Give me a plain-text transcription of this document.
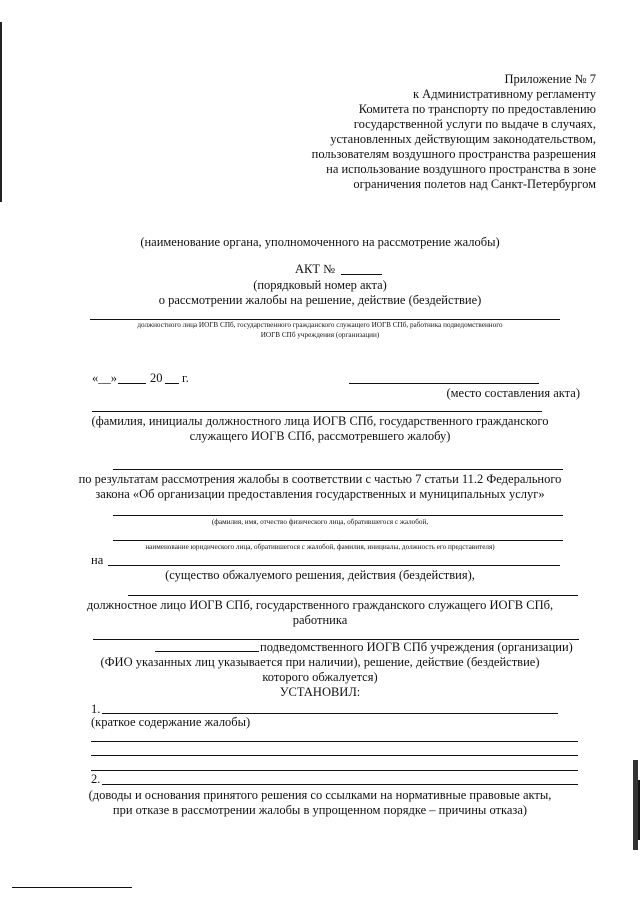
Приложение № 7
к Административному регламенту
Комитета по транспорту по предоставлению
государственной услуги по выдаче в случаях,
установленных действующим законодательством,
пользователям воздушного пространства разрешения
на использование воздушного пространства в зоне
ограничения полетов над Санкт-Петербургом
(наименование органа, уполномоченного на рассмотрение жалобы)
АКТ №
(порядковый номер акта)
о рассмотрении жалобы на решение, действие (бездействие)
должностного лица ИОГВ СПб, государственного гражданского служащего ИОГВ СПб, работника подведомственного
ИОГВ СПб учреждения (организации)
«__»	20 г.
(место составления акта)
(фамилия, инициалы должностного лица ИОГВ СПб, государственного гражданского
служащего ИОГВ СПб, рассмотревшего жалобу)
по результатам рассмотрения жалобы в соответствии с частью 7 статьи 11.2 Федерального
закона «Об организации предоставления государственных и муниципальных услуг»
(фамилия, имя, отчество физического лица, обратившегося с жалобой,
наименование юридического лица, обратившегося с жалобой, фамилия, инициалы, должность его представителя)
на
(существо обжалуемого решения, действия (бездействия),
должностное лицо ИОГВ СПб, государственного гражданского служащего ИОГВ СПб,
работника
подведомственного ИОГВ СПб учреждения (организации)
(ФИО указанных лиц указывается при наличии), решение, действие (бездействие)
которого обжалуется)
УСТАНОВИЛ:
1.
(краткое содержание жалобы)
2.
(доводы и основания принятого решения со ссылками на нормативные правовые акты,
при отказе в рассмотрении жалобы в упрощенном порядке – причины отказа)
